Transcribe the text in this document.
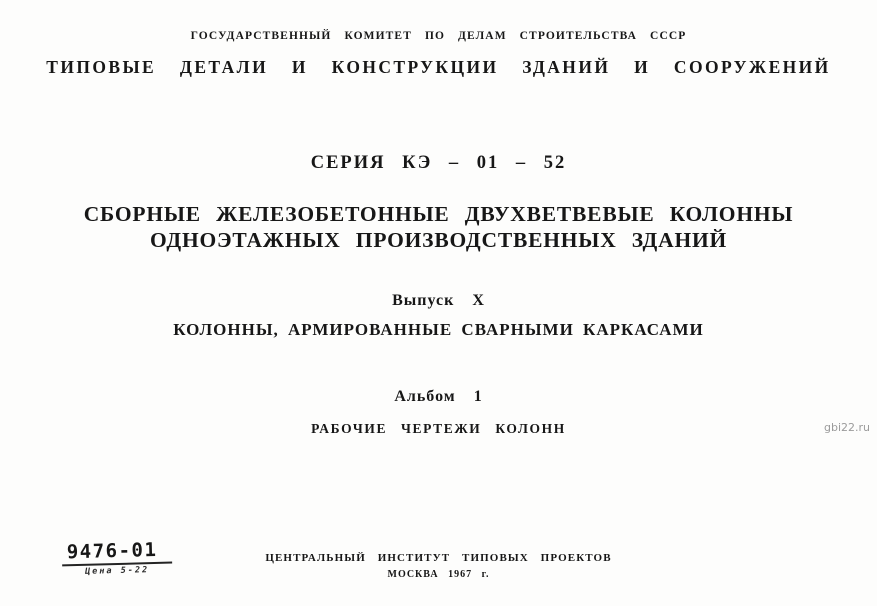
ГОСУДАРСТВЕННЫЙ КОМИТЕТ ПО ДЕЛАМ СТРОИТЕЛЬСТВА СССР
ТИПОВЫЕ ДЕТАЛИ И КОНСТРУКЦИИ ЗДАНИЙ И СООРУЖЕНИЙ
СЕРИЯ КЭ – 01 – 52
СБОРНЫЕ ЖЕЛЕЗОБЕТОННЫЕ ДВУХВЕТВЕВЫЕ КОЛОННЫ
ОДНОЭТАЖНЫХ ПРОИЗВОДСТВЕННЫХ ЗДАНИЙ
Выпуск X
КОЛОННЫ, АРМИРОВАННЫЕ СВАРНЫМИ КАРКАСАМИ
Альбом 1
РАБОЧИЕ ЧЕРТЕЖИ КОЛОНН
9476-01
Цена 5-22
ЦЕНТРАЛЬНЫЙ ИНСТИТУТ ТИПОВЫХ ПРОЕКТОВ
МОСКВА 1967 г.
gbi22.ru
